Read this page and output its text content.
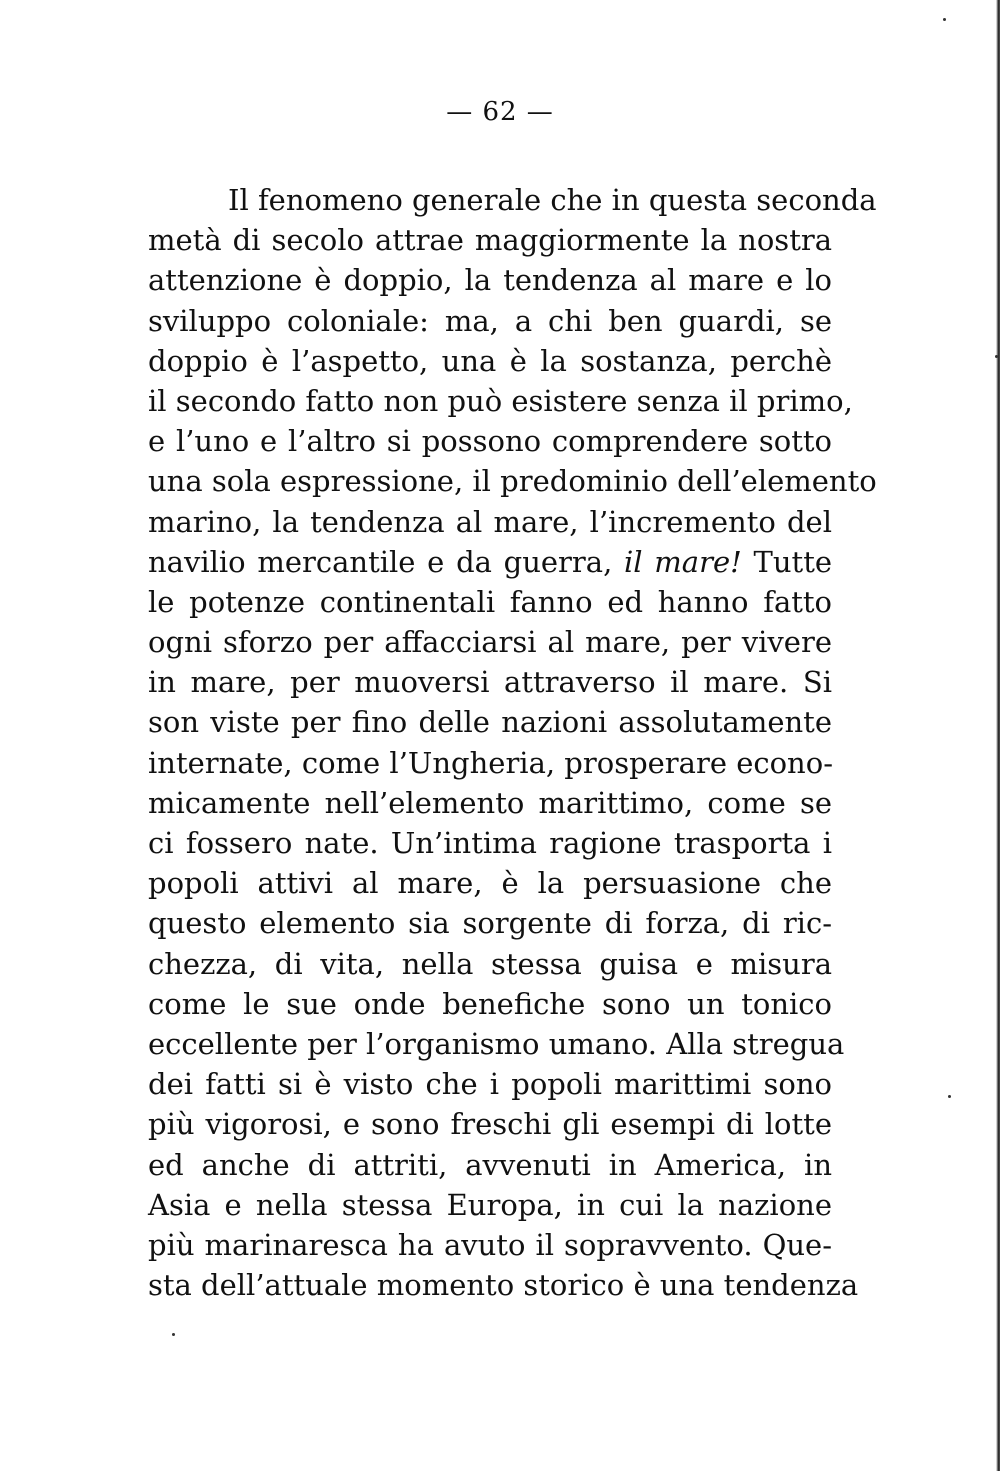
— 62 —
Il fenomeno generale che in questa seconda
metà di secolo attrae maggiormente la nostra
attenzione è doppio, la tendenza al mare e lo
sviluppo coloniale: ma, a chi ben guardi, se
doppio è l’aspetto, una è la sostanza, perchè
il secondo fatto non può esistere senza il primo,
e l’uno e l’altro si possono comprendere sotto
una sola espressione, il predominio dell’elemento
marino, la tendenza al mare, l’incremento del
navilio mercantile e da guerra, il mare! Tutte
le potenze continentali fanno ed hanno fatto
ogni sforzo per affacciarsi al mare, per vivere
in mare, per muoversi attraverso il mare. Si
son viste per fino delle nazioni assolutamente
internate, come l’Ungheria, prosperare econo-
micamente nell’elemento marittimo, come se
ci fossero nate. Un’intima ragione trasporta i
popoli attivi al mare, è la persuasione che
questo elemento sia sorgente di forza, di ric-
chezza, di vita, nella stessa guisa e misura
come le sue onde benefiche sono un tonico
eccellente per l’organismo umano. Alla stregua
dei fatti si è visto che i popoli marittimi sono
più vigorosi, e sono freschi gli esempi di lotte
ed anche di attriti, avvenuti in America, in
Asia e nella stessa Europa, in cui la nazione
più marinaresca ha avuto il sopravvento. Que-
sta dell’attuale momento storico è una tendenza
